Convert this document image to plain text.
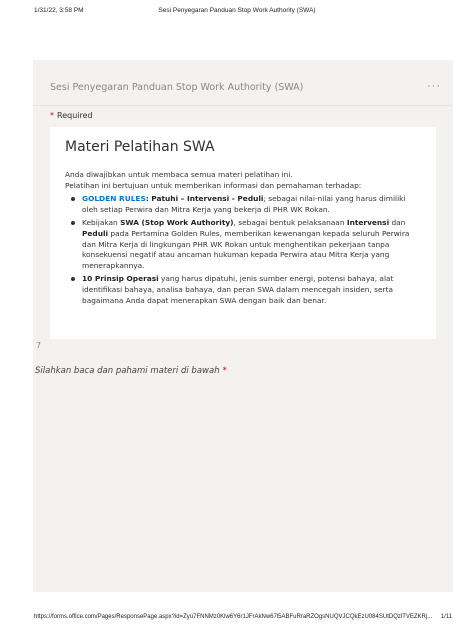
1/31/22, 3:58 PM	Sesi Penyegaran Panduan Stop Work Authority (SWA)
Sesi Penyegaran Panduan Stop Work Authority (SWA)	···
* Required
Materi Pelatihan SWA

Anda diwajibkan untuk membaca semua materi pelatihan ini.

Pelatihan ini bertujuan untuk memberikan informasi dan pemahaman terhadap:

GOLDEN RULES: Patuhi – Intervensi - Peduli; sebagai nilai-nilai yang harus dimiliki oleh setiap Perwira dan Mitra Kerja yang bekerja di PHR WK Rokan.
Kebijakan SWA (Stop Work Authority), sebagai bentuk pelaksanaan Intervensi dan Peduli pada Pertamina Golden Rules, memberikan kewenangan kepada seluruh Perwira dan Mitra Kerja di lingkungan PHR WK Rokan untuk menghentikan pekerjaan tanpa konsekuensi negatif atau ancaman hukuman kepada Perwira atau Mitra Kerja yang menerapkannya.
10 Prinsip Operasi yang harus dipatuhi, jenis sumber energi, potensi bahaya, alat identifikasi bahaya, analisa bahaya, dan peran SWA dalam mencegah insiden, serta bagaimana Anda dapat menerapkan SWA dengan baik dan benar.
7
Silahkan baca dan pahami materi di bawah *
https://forms.office.com/Pages/ResponsePage.aspx?id=Zyu7FNNMz0Klw6Y6r1JFrAkNw67l5ABFuRraRZOgsNUQVJCQkEzU084SUtDQzlTVEZKRj... 1/11
